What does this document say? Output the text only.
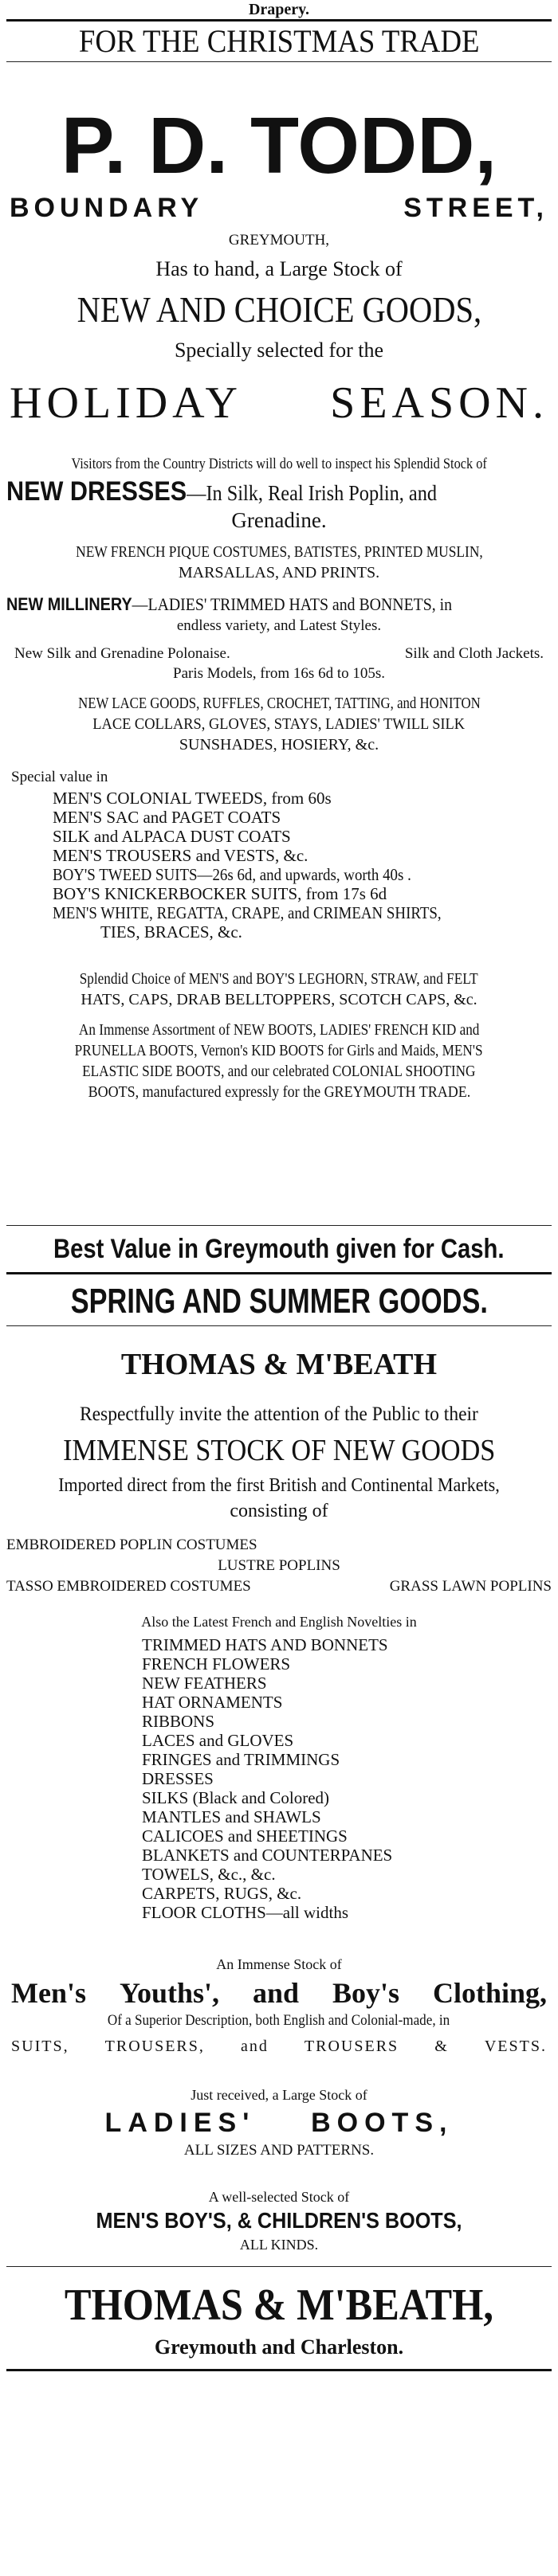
Drapery.
FOR THE CHRISTMAS TRADE
P. D. TODD,
BOUNDARY	STREET,
GREYMOUTH,
Has to hand, a Large Stock of
NEW AND CHOICE GOODS,
Specially selected for the
HOLIDAY SEASON.
Visitors from the Country Districts will do well to inspect his Splendid Stock of
NEW DRESSES—In Silk, Real Irish Poplin, and
Grenadine.
NEW FRENCH PIQUE COSTUMES, BATISTES, PRINTED MUSLIN,
MARSALLAS, AND PRINTS.
NEW MILLINERY—LADIES' TRIMMED HATS and BONNETS, in
endless variety, and Latest Styles.
New Silk and Grenadine Polonaise.	Silk and Cloth Jackets.
Paris Models, from 16s 6d to 105s.
NEW LACE GOODS, RUFFLES, CROCHET, TATTING, and HONITON
LACE COLLARS, GLOVES, STAYS, LADIES' TWILL SILK
SUNSHADES, HOSIERY, &c.
Special value in
MEN'S COLONIAL TWEEDS, from 60s
MEN'S SAC and PAGET COATS
SILK and ALPACA DUST COATS
MEN'S TROUSERS and VESTS, &c.
BOY'S TWEED SUITS—26s 6d, and upwards, worth 40s .
BOY'S KNICKERBOCKER SUITS, from 17s 6d
MEN'S WHITE, REGATTA, CRAPE, and CRIMEAN SHIRTS,
TIES, BRACES, &c.
Splendid Choice of MEN'S and BOY'S LEGHORN, STRAW, and FELT
HATS, CAPS, DRAB BELLTOPPERS, SCOTCH CAPS, &c.
An Immense Assortment of NEW BOOTS, LADIES' FRENCH KID and
PRUNELLA BOOTS, Vernon's KID BOOTS for Girls and Maids, MEN'S
ELASTIC SIDE BOOTS, and our celebrated COLONIAL SHOOTING
BOOTS, manufactured expressly for the GREYMOUTH TRADE.
Best Value in Greymouth given for Cash.
SPRING AND SUMMER GOODS.
THOMAS & M'BEATH
Respectfully invite the attention of the Public to their
IMMENSE STOCK OF NEW GOODS
Imported direct from the first British and Continental Markets,
consisting of
EMBROIDERED POPLIN COSTUMES
LUSTRE POPLINS
TASSO EMBROIDERED COSTUMES	GRASS LAWN POPLINS
Also the Latest French and English Novelties in
TRIMMED HATS AND BONNETS
FRENCH FLOWERS
NEW FEATHERS
HAT ORNAMENTS
RIBBONS
LACES and GLOVES
FRINGES and TRIMMINGS
DRESSES
SILKS (Black and Colored)
MANTLES and SHAWLS
CALICOES and SHEETINGS
BLANKETS and COUNTERPANES
TOWELS, &c., &c.
CARPETS, RUGS, &c.
FLOOR CLOTHS—all widths
An Immense Stock of
Men's Youths', and Boy's Clothing,
Of a Superior Description, both English and Colonial-made, in
SUITS, TROUSERS, and TROUSERS & VESTS.
Just received, a Large Stock of
LADIES' BOOTS,
ALL SIZES AND PATTERNS.
A well-selected Stock of
MEN'S BOY'S, & CHILDREN'S BOOTS,
ALL KINDS.
THOMAS & M'BEATH,
Greymouth and Charleston.
